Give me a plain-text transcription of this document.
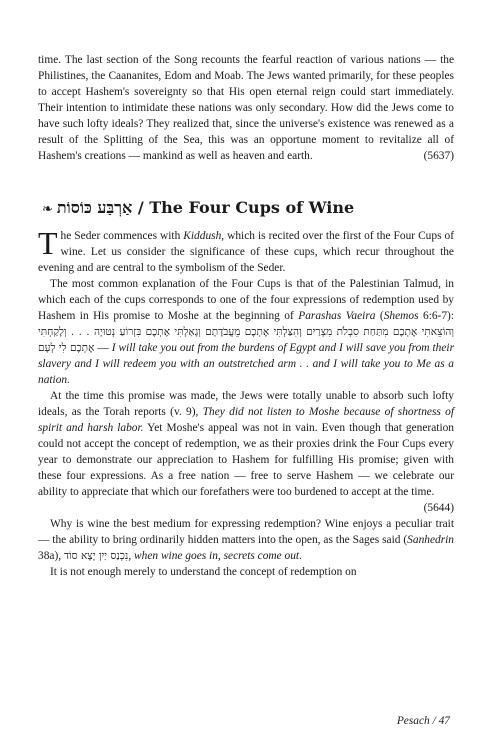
time. The last section of the Song recounts the fearful reaction of various nations — the Philistines, the Caananites, Edom and Moab. The Jews wanted primarily, for these peoples to accept Hashem's sovereignty so that His open eternal reign could start immediately. Their intention to intimidate these nations was only secondary. How did the Jews come to have such lofty ideals? They realized that, since the universe's existence was renewed as a result of the Splitting of the Sea, this was an opportune moment to revitalize all of Hashem's creations — mankind as well as heaven and earth.	(5637)

❧ אַרְבַּע כּוֹסוֹת / The Four Cups of Wine

The Seder commences with Kiddush, which is recited over the first of the Four Cups of wine. Let us consider the significance of these cups, which recur throughout the evening and are central to the symbolism of the Seder.

The most common explanation of the Four Cups is that of the Palestinian Talmud, in which each of the cups corresponds to one of the four expressions of redemption used by Hashem in His promise to Moshe at the beginning of Parashas Vaeira (Shemos 6:6-7): וְהוֹצֵאתִי אֶתְכֶם מִתַּחַת סִבְלֹת מִצְרַיִם וְהִצַּלְתִּי אֶתְכֶם מֵעֲבֹדָתָם וְגָאַלְתִּי אֶתְכֶם בִּזְרוֹעַ נְטוּיָה . . . וְלָקַחְתִּי אֶתְכֶם לִי לְעָם — I will take you out from the burdens of Egypt and I will save you from their slavery and I will redeem you with an outstretched arm . . and I will take you to Me as a nation.

At the time this promise was made, the Jews were totally unable to absorb such lofty ideals, as the Torah reports (v. 9), They did not listen to Moshe because of shortness of spirit and harsh labor. Yet Moshe's appeal was not in vain. Even though that generation could not accept the concept of redemption, we as their proxies drink the Four Cups every year to demonstrate our appreciation to Hashem for fulfilling His promise; given with these four expressions. As a free nation — free to serve Hashem — we celebrate our ability to appreciate that which our forefathers were too burdened to accept at the time.
(5644)

Why is wine the best medium for expressing redemption? Wine enjoys a peculiar trait — the ability to bring ordinarily hidden matters into the open, as the Sages said (Sanhedrin 38a), נִכְנַס יַיִן יָצָא סוֹד, when wine goes in, secrets come out.

It is not enough merely to understand the concept of redemption on

Pesach / 47
